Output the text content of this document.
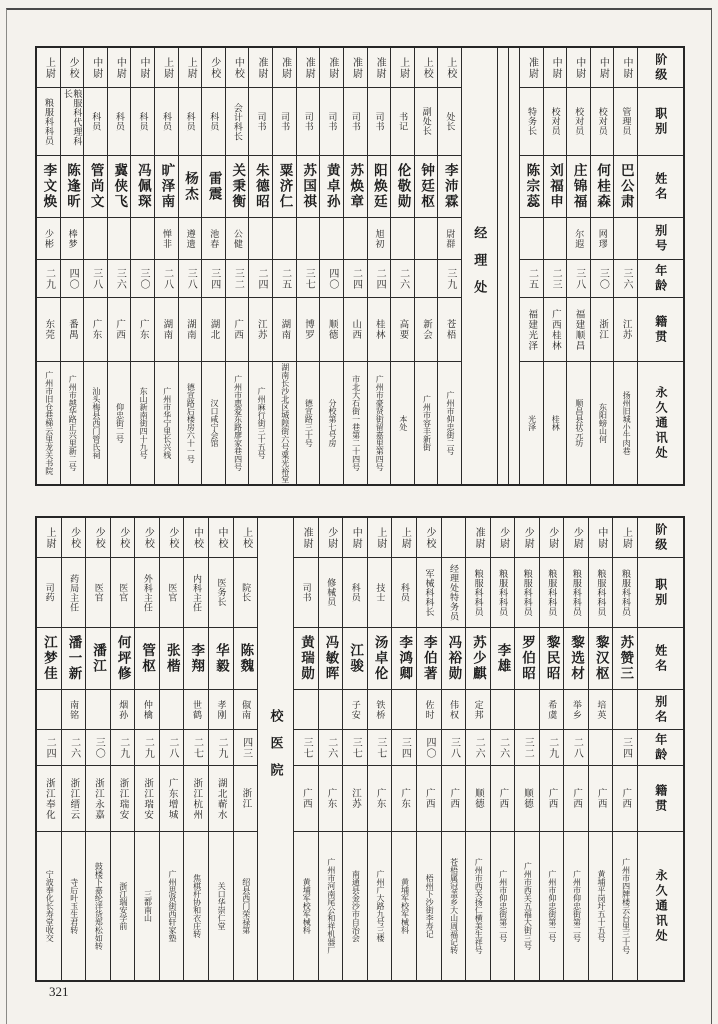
阶级
职别
姓名
别号
年龄
籍贯
永久通讯处
中尉
管理员
巴公肃
三六
江苏
扬州旧城小牛肉巷
中尉
校对员
何桂森
网璆
三〇
浙江
东阳螃山何
中尉
校对员
庄锦福
尔遐
三八
福建顺昌
顺昌县状元坊
中尉
校对员
刘福申
二三
广西桂林
桂林
准尉
特务长
陈宗蕊
二五
福建光泽
光泽
经理处
上校
处长
李沛霖
尉群
三九
苍梧
广州市仰忠街二号
上校
副处长
钟廷枢
新会
广州市容丰新街
上尉
书记
伦敬勋
二六
高要
本处
准尉
司书
阳焕廷
旭初
二四
桂林
广州市豪贤街留嘉里第四号
准尉
司书
苏焕章
二四
山西
市北大石街一巷第二十四号
准尉
司书
黄卓孙
四〇
顺德
分校第七号房
准尉
司书
苏国祺
三七
博罗
德宣路三十号
准尉
司书
粟济仁
二五
湖南
湖南长沙北区城隍街六号粟光裕堂
准尉
司书
朱德昭
二四
江苏
广州麻行街三十五号
中校
会计科长
关秉衡
公健
三二
广西
广州市惠爱东路廖家巷四号
少校
科员
雷震
池春
三四
湖北
汉口咸宁会馆
上尉
科员
杨杰
遵遗
三八
湖南
德宣路后楼房六十一号
上尉
科员
旷泽南
惮非
二八
湖南
广州市华宁里长兴栈
中尉
科员
冯佩琛
三〇
广东
东山新南街四十九号
中尉
科员
冀侠飞
三六
广西
仰忠街二号
中尉
科员
管尚文
三八
广东
汕头梅县西门管氏祠
少校
粮服科代理科长
陈逢昕
棒梦
四〇
番禺
广州市越华路正兴里新二号
上尉
粮服科科员
李文焕
少彬
二九
东莞
广州市旧仓巷梯云里龙关书院
阶级
职别
姓名
别名
年龄
籍贯
永久通讯处
上尉
粮服科科员
苏赞三
三四
广西
广州市四牌楼云台里三十号
中尉
粮服科科员
黎汉枢
培英
广西
黄埔平岗圩五十五号
少尉
粮服科科员
黎选材
举乡
二八
广西
广州市仰忠街第二号
少尉
粮服科科员
黎民昭
希虞
二九
广西
广州市仰忠街第二号
少尉
粮服科科员
罗伯昭
三二
顺德
广州市西关五福大街三号
少尉
粮服科科员
李雄
二六
广西
广州市仰忠街第二号
准尉
粮服科科员
苏少麒
定邦
二六
顺德
广州市西关扬仁横美生祥号
经理处特务员
冯裕勋
伟权
三八
广西
苍梧属冠盖乡大山周福记转
少校
军械科科长
李伯著
佐时
四〇
广西
梧州下沙街李寿记
上尉
科员
李鸿卿
三四
广东
黄埔军校军械科
上尉
技士
汤卓伦
铁桥
三七
广东
广州广大路九号三楼
中尉
科员
江骏
子安
三七
江苏
南通县金沙市自治会
少尉
修械员
冯敏晖
二六
广东
广州市河南尾公和祥机器厂
准尉
司书
黄瑞勋
三七
广西
黄埔军校军械科
校医院
上校
院长
陈魏
俶南
四三
浙江
绍县西门荣禄第
中校
医务长
华毅
孝刚
二九
湖北蕲水
关口华崇仁堂
中校
内科主任
李翔
世鹤
二七
浙江杭州
焦棋杆协和衣庄转
少校
医官
张楷
二八
广东增城
广州思贤街西轩家塾
少校
外科主任
管枢
仲檎
二九
浙江瑞安
三都南山
少校
医官
何坪修
烟孙
二九
浙江瑞安
浙江瑞安学前
少校
医官
潘江
三〇
浙江永嘉
鼓楼下嘉纶洋货郑松如转
少校
药局主任
潘一新
南铭
二六
浙江缙云
寺后叶玉生君转
上尉
司药
江梦佳
二四
浙江奉化
宁波奉化长寿堂收交
321
